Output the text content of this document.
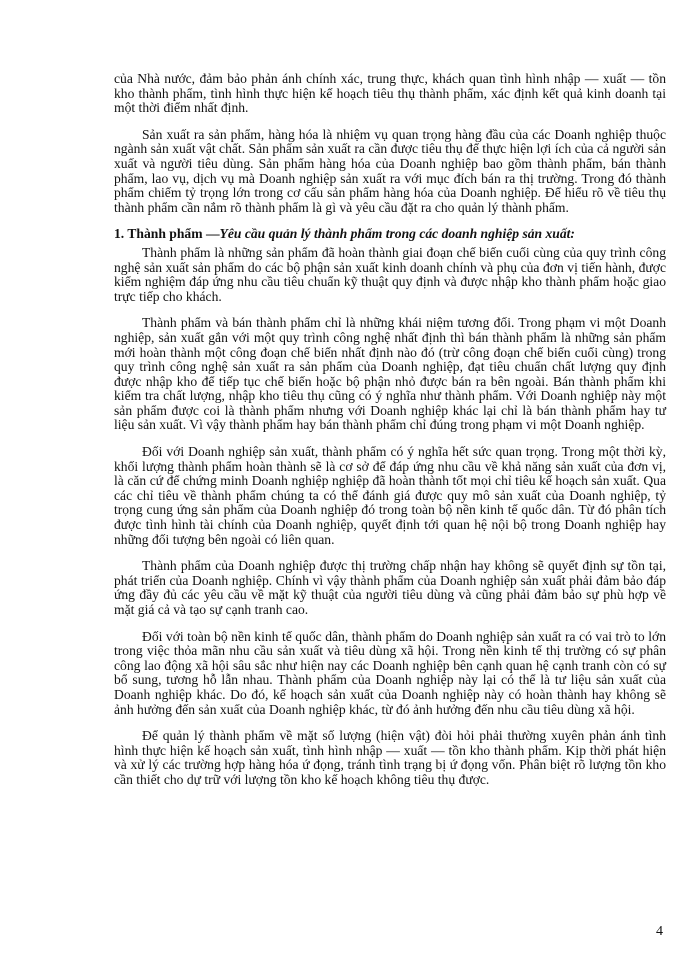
của Nhà nước, đảm bảo phản ánh chính xác, trung thực, khách quan tình hình nhập — xuất — tồn kho thành phẩm, tình hình thực hiện kế hoạch tiêu thụ thành phẩm, xác định kết quả kinh doanh tại một thời điểm nhất định.

Sản xuất ra sản phẩm, hàng hóa là nhiệm vụ quan trọng hàng đầu của các Doanh nghiệp thuộc ngành sản xuất vật chất. Sản phẩm sản xuất ra cần được tiêu thụ để thực hiện lợi ích của cả người sản xuất và người tiêu dùng. Sản phẩm hàng hóa của Doanh nghiệp bao gồm thành phẩm, bán thành phẩm, lao vụ, dịch vụ mà Doanh nghiệp sản xuất ra với mục đích bán ra thị trường. Trong đó thành phẩm chiếm tỷ trọng lớn trong cơ cấu sản phẩm hàng hóa của Doanh nghiệp. Để hiểu rõ về tiêu thụ thành phẩm cần nắm rõ thành phẩm là gì và yêu cầu đặt ra cho quản lý thành phẩm.

1. Thành phẩm —Yêu cầu quản lý thành phẩm trong các doanh nghiệp sản xuất:

Thành phẩm là những sản phẩm đã hoàn thành giai đoạn chế biến cuối cùng của quy trình công nghệ sản xuất sản phẩm do các bộ phận sản xuất kinh doanh chính và phụ của đơn vị tiến hành, được kiểm nghiệm đáp ứng nhu cầu tiêu chuẩn kỹ thuật quy định và được nhập kho thành phẩm hoặc giao trực tiếp cho khách.

Thành phẩm và bán thành phẩm chỉ là những khái niệm tương đối. Trong phạm vi một Doanh nghiệp, sản xuất gắn với một quy trình công nghệ nhất định thì bán thành phẩm là những sản phẩm mới hoàn thành một công đoạn chế biến nhất định nào đó (trừ công đoạn chế biến cuối cùng) trong quy trình công nghệ sản xuất ra sản phẩm của Doanh nghiệp, đạt tiêu chuẩn chất lượng quy định được nhập kho để tiếp tục chế biến hoặc bộ phận nhỏ được bán ra bên ngoài. Bán thành phẩm khi kiểm tra chất lượng, nhập kho tiêu thụ cũng có ý nghĩa như thành phẩm. Với Doanh nghiệp này một sản phẩm được coi là thành phẩm nhưng với Doanh nghiệp khác lại chỉ là bán thành phẩm hay tư liệu sản xuất. Vì vậy thành phẩm hay bán thành phẩm chỉ đúng trong phạm vi một Doanh nghiệp.

Đối với Doanh nghiệp sản xuất, thành phẩm có ý nghĩa hết sức quan trọng. Trong một thời kỳ, khối lượng thành phẩm hoàn thành sẽ là cơ sở để đáp ứng nhu cầu về khả năng sản xuất của đơn vị, là căn cứ để chứng minh Doanh nghiệp nghiệp đã hoàn thành tốt mọi chỉ tiêu kế hoạch sản xuất. Qua các chỉ tiêu về thành phẩm chúng ta có thể đánh giá được quy mô sản xuất của Doanh nghiệp, tỷ trọng cung ứng sản phẩm của Doanh nghiệp đó trong toàn bộ nền kinh tế quốc dân. Từ đó phân tích được tình hình tài chính của Doanh nghiệp, quyết định tới quan hệ nội bộ trong Doanh nghiệp hay những đối tượng bên ngoài có liên quan.

Thành phẩm của Doanh nghiệp được thị trường chấp nhận hay không sẽ quyết định sự tồn tại, phát triển của Doanh nghiệp. Chính vì vậy thành phẩm của Doanh nghiệp sản xuất phải đảm bảo đáp ứng đầy đủ các yêu cầu về mặt kỹ thuật của người tiêu dùng và cũng phải đảm bảo sự phù hợp về mặt giá cả và tạo sự cạnh tranh cao.

Đối với toàn bộ nền kinh tế quốc dân, thành phẩm do Doanh nghiệp sản xuất ra có vai trò to lớn trong việc thỏa mãn nhu cầu sản xuất và tiêu dùng xã hội. Trong nền kinh tế thị trường có sự phân công lao động xã hội sâu sắc như hiện nay các Doanh nghiệp bên cạnh quan hệ cạnh tranh còn có sự bổ sung, tương hỗ lẫn nhau. Thành phẩm của Doanh nghiệp này lại có thể là tư liệu sản xuất của Doanh nghiệp khác. Do đó, kế hoạch sản xuất của Doanh nghiệp này có hoàn thành hay không sẽ ảnh hưởng đến sản xuất của Doanh nghiệp khác, từ đó ảnh hưởng đến nhu cầu tiêu dùng xã hội.

Để quản lý thành phẩm về mặt số lượng (hiện vật) đòi hỏi phải thường xuyên phản ánh tình hình thực hiện kế hoạch sản xuất, tình hình nhập — xuất — tồn kho thành phẩm. Kịp thời phát hiện và xử lý các trường hợp hàng hóa ứ đọng, tránh tình trạng bị ứ đọng vốn. Phân biệt rõ lượng tồn kho cần thiết cho dự trữ với lượng tồn kho kế hoạch không tiêu thụ được.

4
